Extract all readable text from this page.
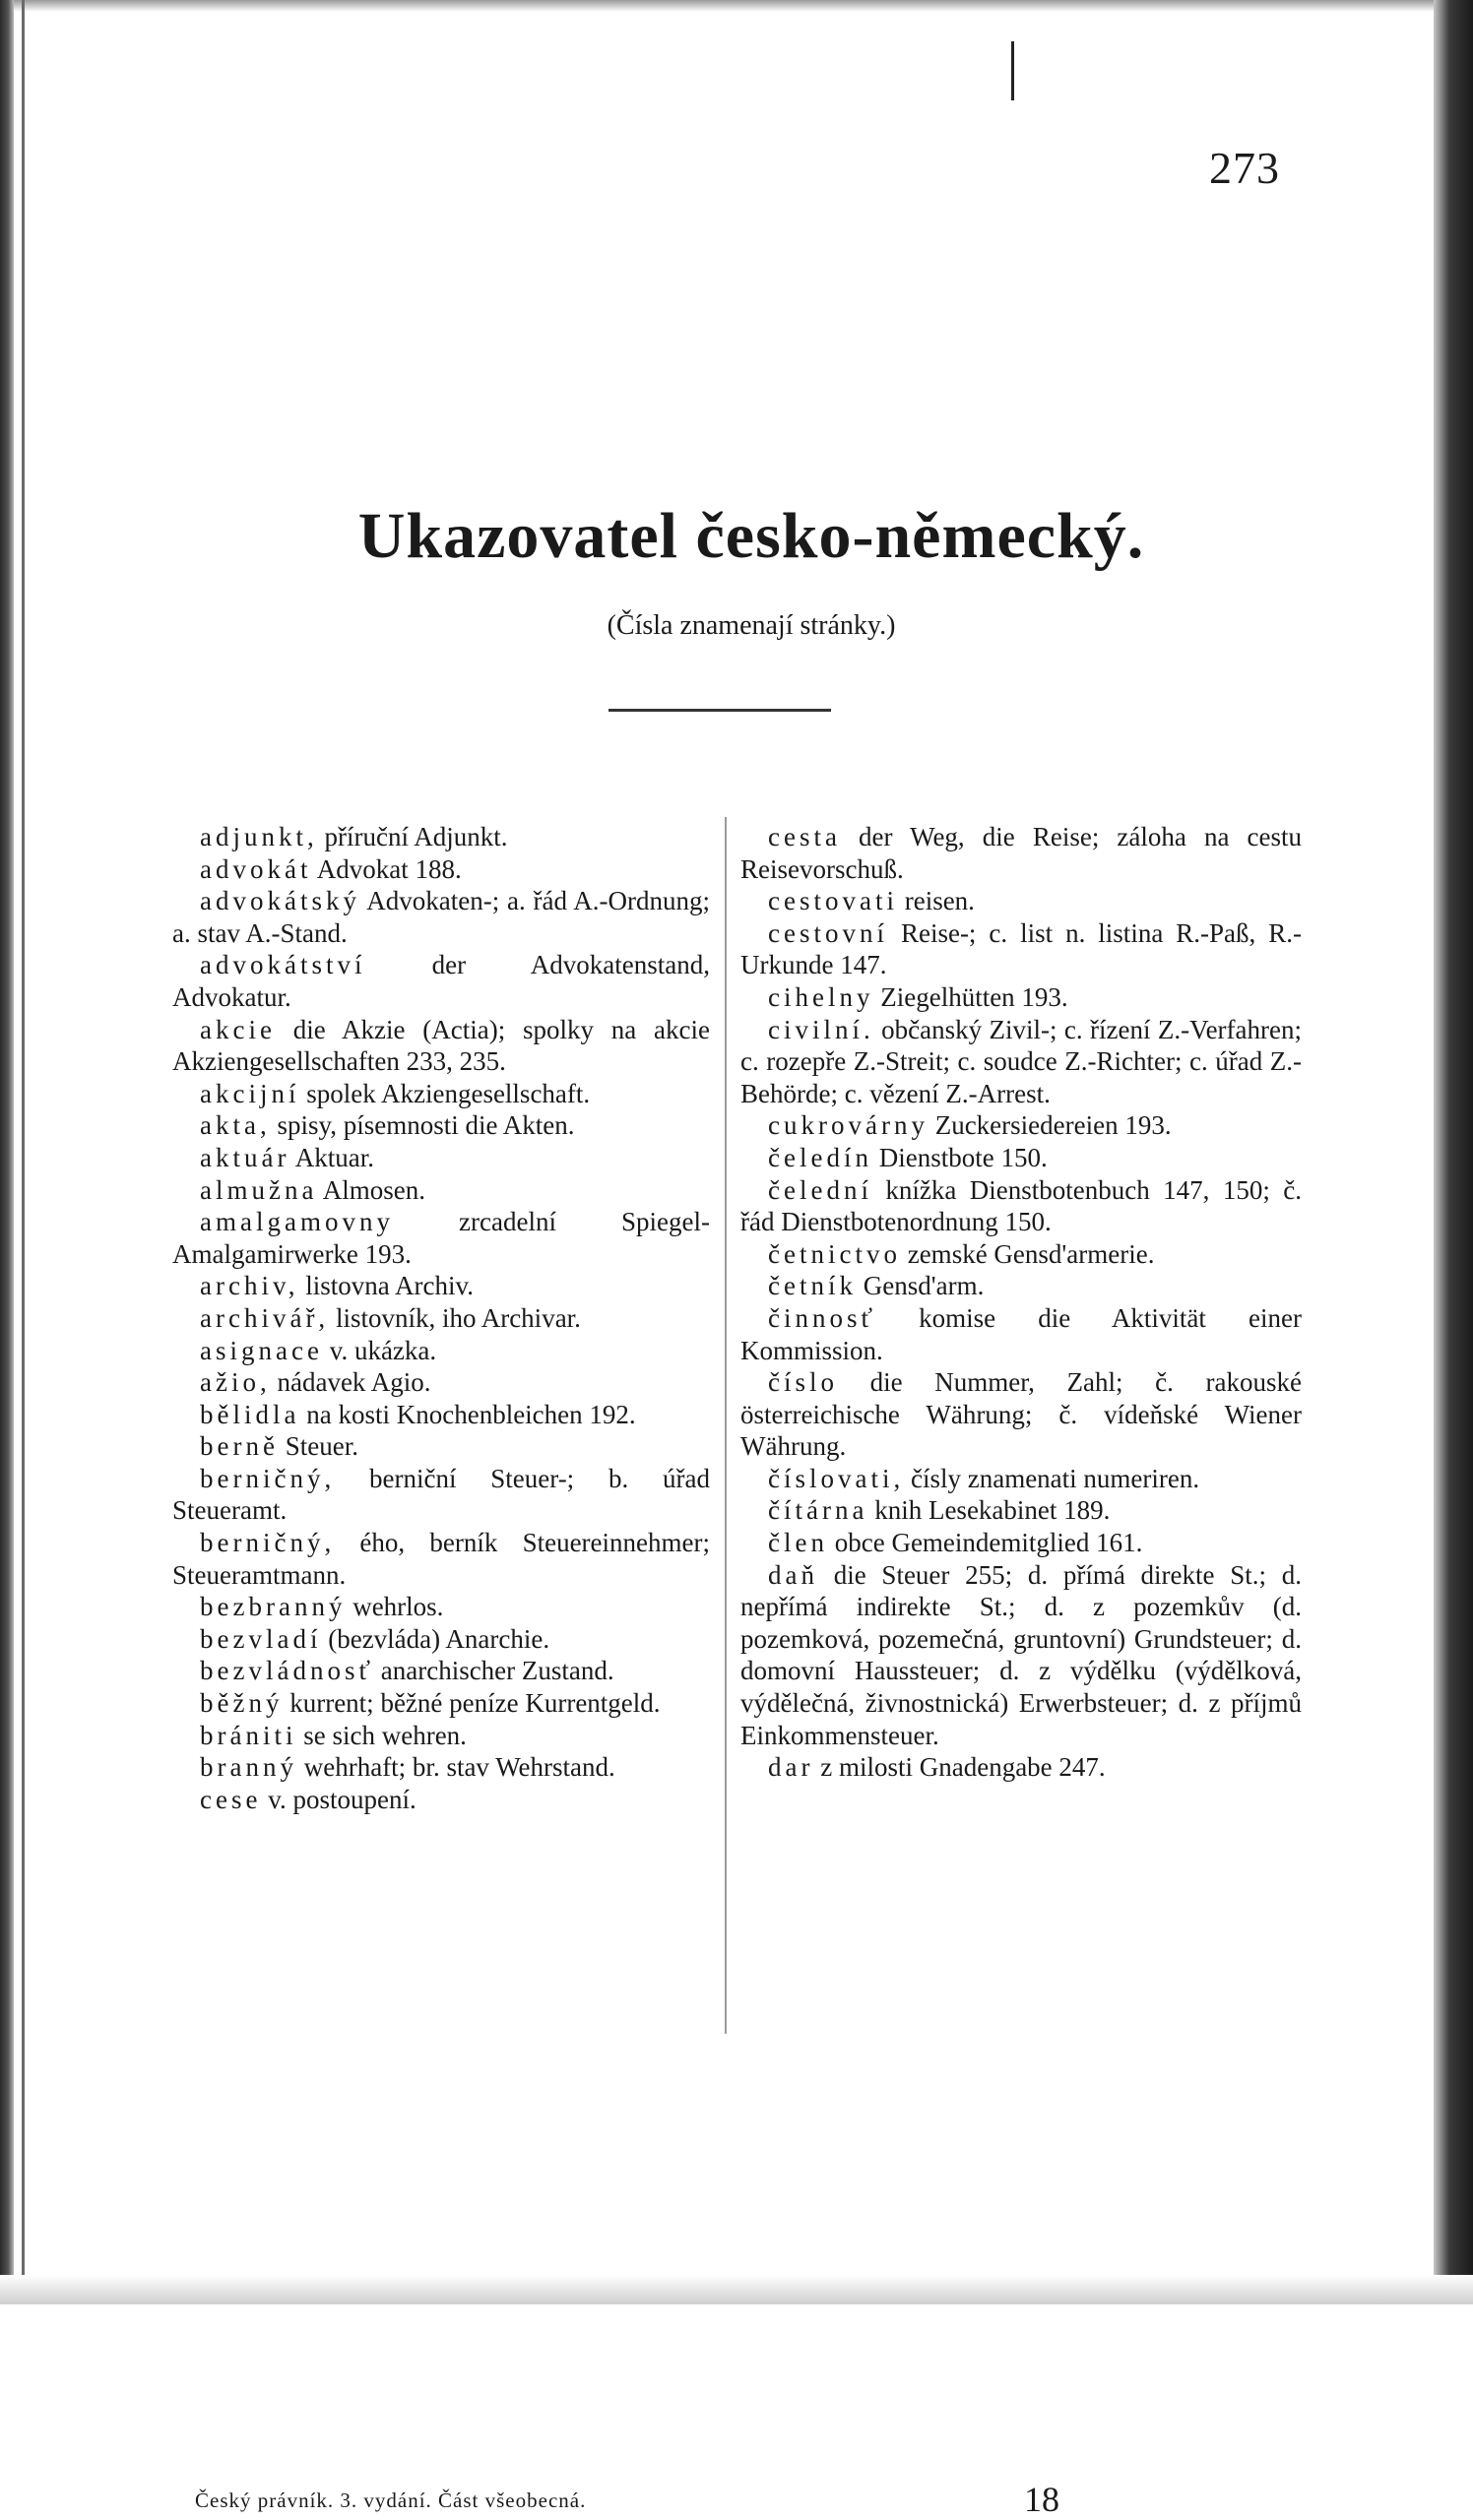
273
Ukazovatel česko-německý.
(Čísla znamenají stránky.)

adjunkt, příruční Adjunkt.

advokát Advokat 188.

advokátský Advokaten-; a. řád A.-Ordnung; a. stav A.-Stand.

advokátství der Advokatenstand, Advokatur.

akcie die Akzie (Actia); spolky na akcie Akziengesellschaften 233, 235.

akcijní spolek Akziengesellschaft.

akta, spisy, písemnosti die Akten.

aktuár Aktuar.

almužna Almosen.

amalgamovny zrcadelní Spiegel-Amalgamirwerke 193.

archiv, listovna Archiv.

archivář, listovník, iho Archivar.

asignace v. ukázka.

ažio, nádavek Agio.

bělidla na kosti Knochenbleichen 192.

berně Steuer.

berničný, berniční Steuer-; b. úřad Steueramt.

berničný, ého, berník Steuereinnehmer; Steueramtmann.

bezbranný wehrlos.

bezvladí (bezvláda) Anarchie.

bezvládnosť anarchischer Zustand.

běžný kurrent; běžné peníze Kurrentgeld.

brániti se sich wehren.

branný wehrhaft; br. stav Wehrstand.

cese v. postoupení.

cesta der Weg, die Reise; záloha na cestu Reisevorschuß.

cestovati reisen.

cestovní Reise-; c. list n. listina R.-Paß, R.-Urkunde 147.

cihelny Ziegelhütten 193.

civilní. občanský Zivil-; c. řízení Z.-Verfahren; c. rozepře Z.-Streit; c. soudce Z.-Richter; c. úřad Z.-Behörde; c. vězení Z.-Arrest.

cukrovárny Zuckersiedereien 193.

čeledín Dienstbote 150.

čelední knížka Dienstbotenbuch 147, 150; č. řád Dienstbotenordnung 150.

četnictvo zemské Gensd'armerie.

četník Gensd'arm.

činnosť komise die Aktivität einer Kommission.

číslo die Nummer, Zahl; č. rakouské österreichische Währung; č. vídeňské Wiener Währung.

číslovati, čísly znamenati numeriren.

čítárna knih Lesekabinet 189.

člen obce Gemeindemitglied 161.

daň die Steuer 255; d. přímá direkte St.; d. nepřímá indirekte St.; d. z pozemkův (d. pozemková, pozemečná, gruntovní) Grundsteuer; d. domovní Haussteuer; d. z výdělku (výdělková, výdělečná, živnostnická) Erwerbsteuer; d. z příjmů Einkommensteuer.

dar z milosti Gnadengabe 247.

Český právník. 3. vydání. Část všeobecná.	18
